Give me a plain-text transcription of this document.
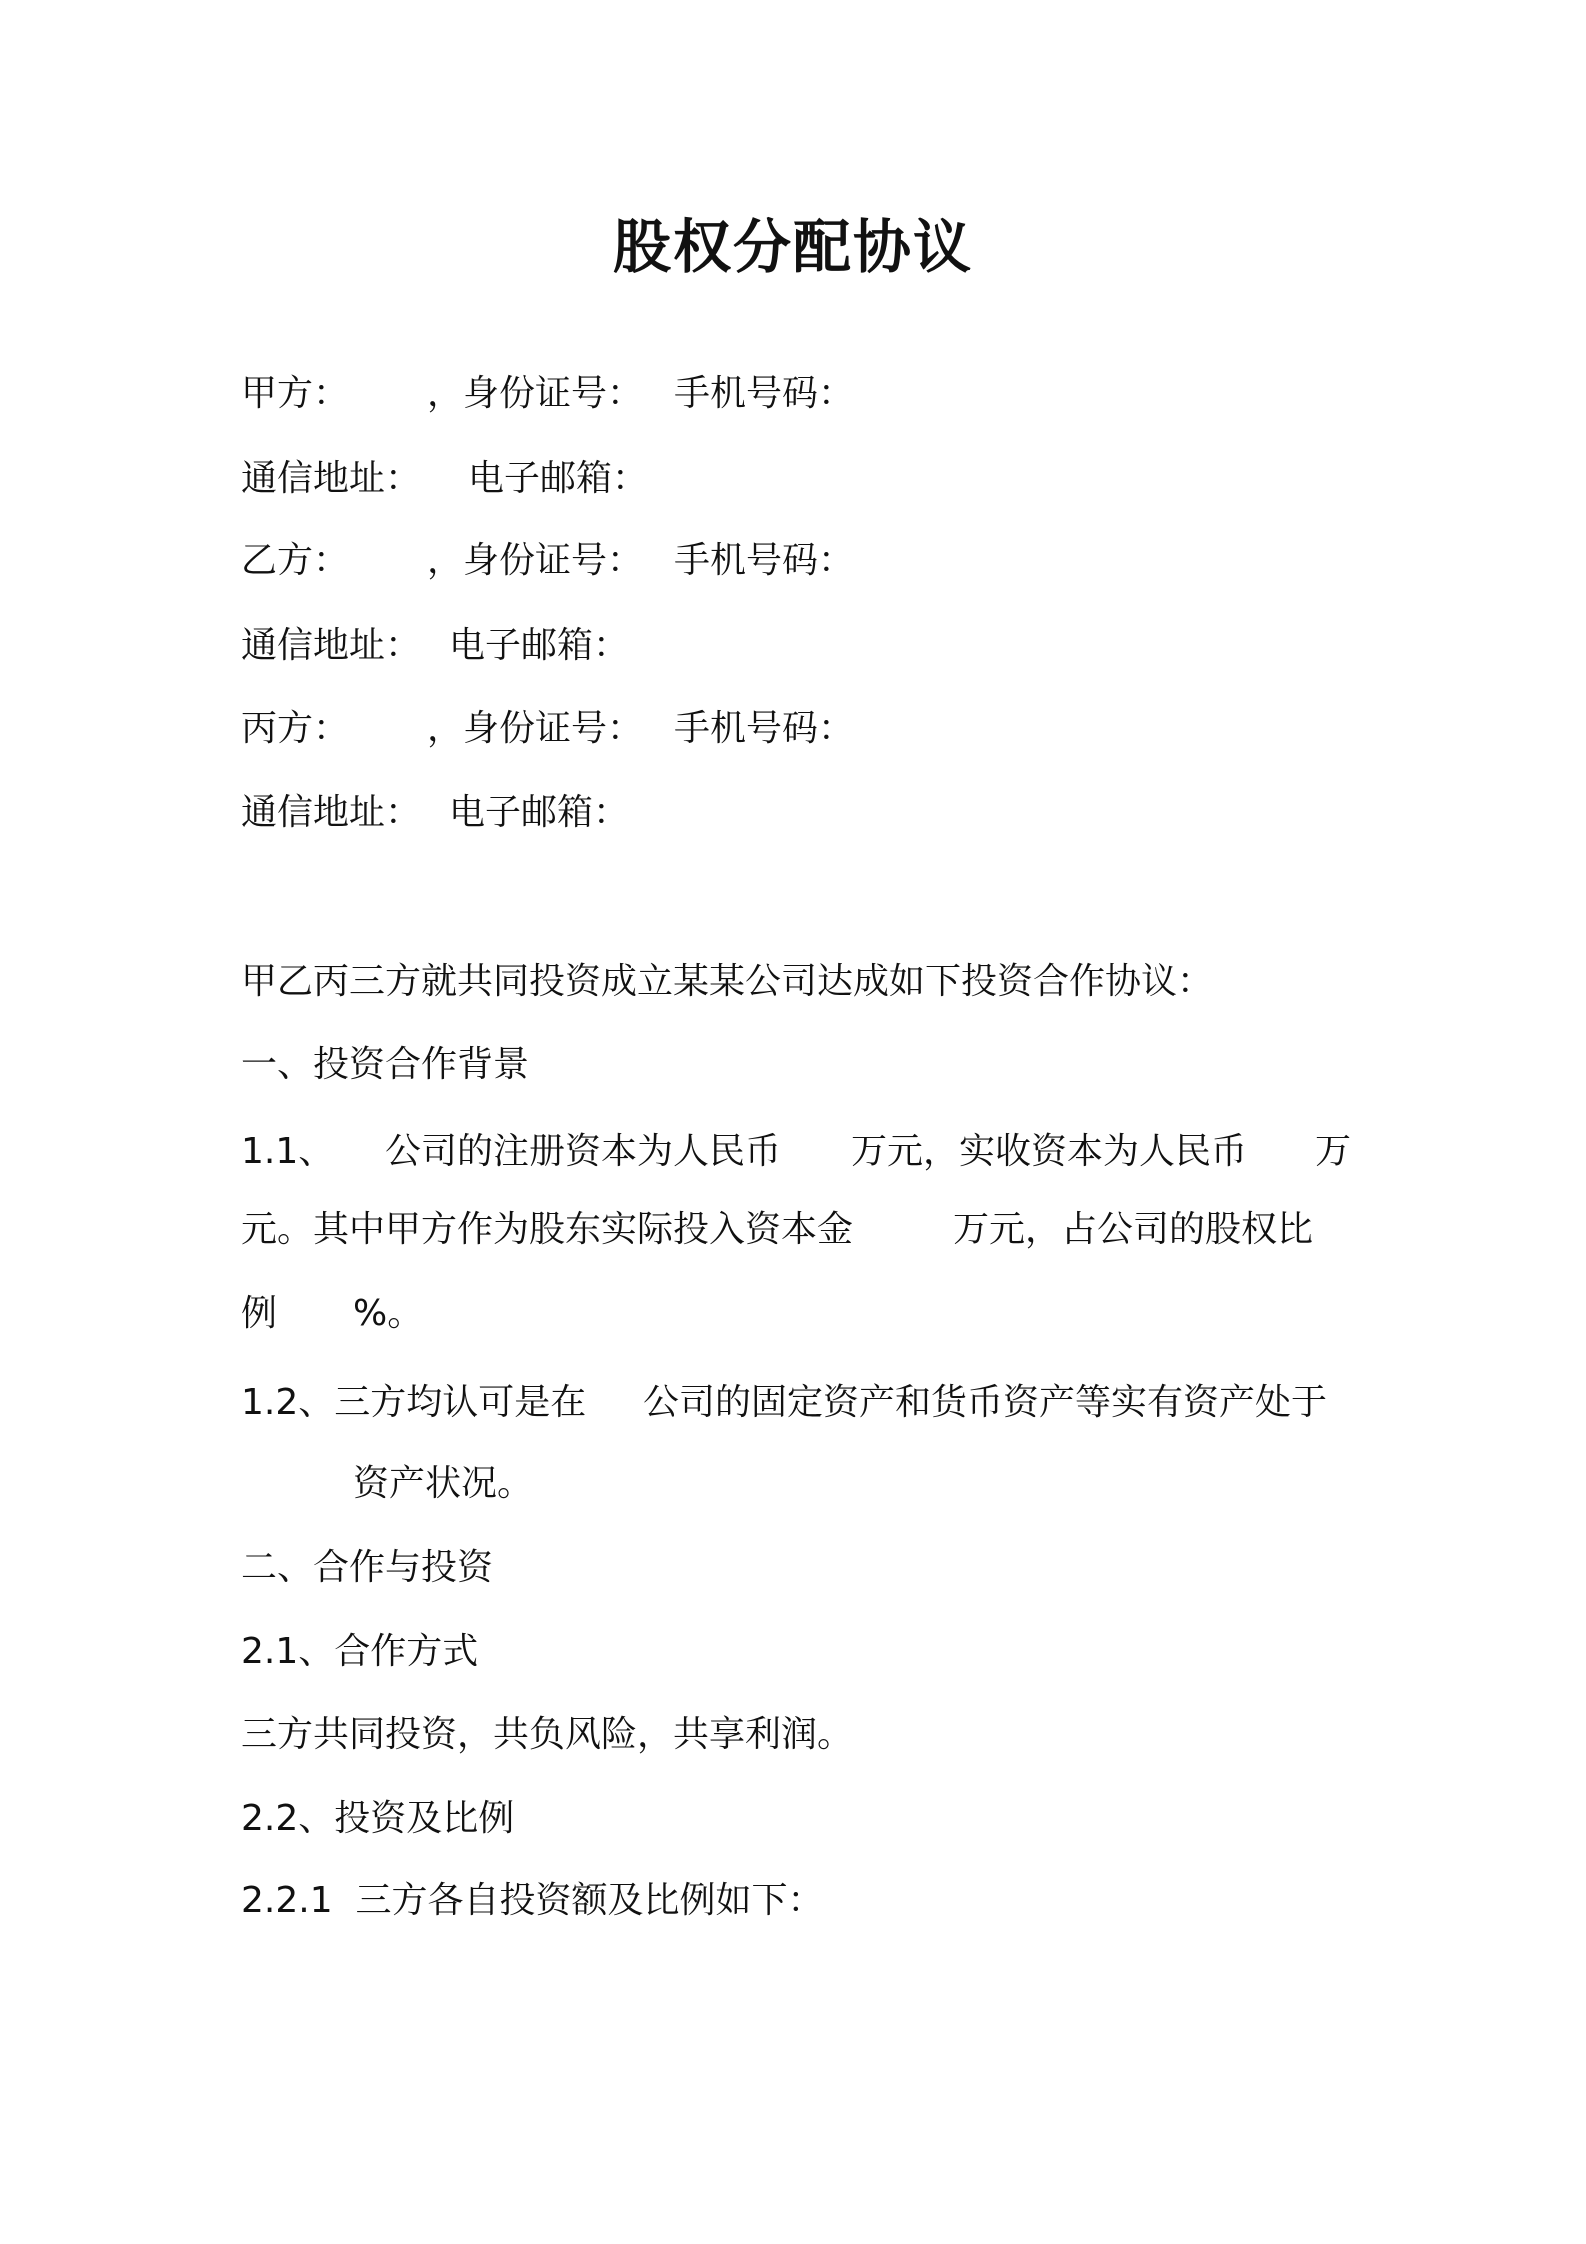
股权分配协议

甲方：

，身份证号：

手机号码：

通信地址：

电子邮箱：

乙方：

，身份证号：

手机号码：

通信地址：

电子邮箱：

丙方：

，身份证号：

手机号码：

通信地址：

电子邮箱：

甲乙丙三方就共同投资成立某某公司达成如下投资合作协议：
一、投资合作背景

1.1、

公司的注册资本为人民币

万元，实收资本为人民币

万

元。其中甲方作为股东实际投入资本金

	万元，占公司的股权比

例

%。

1.2、三方均认可是在

公司的固定资产和货币资产等实有资产处于

资产状况。

二、合作与投资
2.1、合作方式
三方共同投资，共负风险，共享利润。
2.2、投资及比例
2.2.1  三方各自投资额及比例如下：
